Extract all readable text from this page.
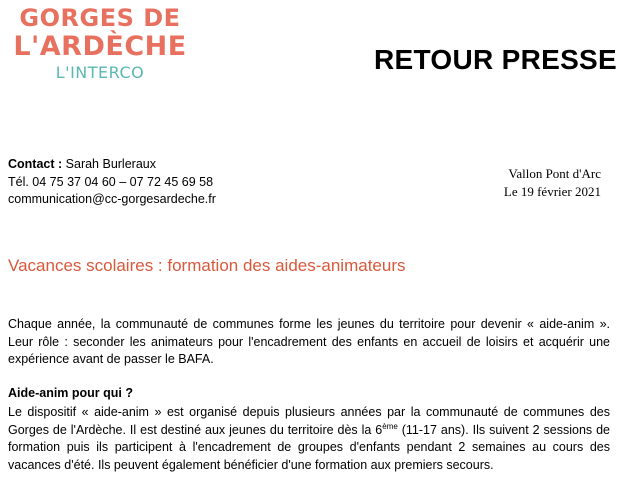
GORGES DE
L'ARDÈCHE
L'INTERCO	RETOUR PRESSE
Contact : Sarah Burleraux
Tél. 04 75 37 04 60 – 07 72 45 69 58
communication@cc-gorgesardeche.fr
Vallon Pont d'Arc
Le 19 février 2021
Vacances scolaires : formation des aides-animateurs

Chaque année, la communauté de communes forme les jeunes du territoire pour devenir « aide-anim ». Leur rôle : seconder les animateurs pour l'encadrement des enfants en accueil de loisirs et acquérir une expérience avant de passer le BAFA.

Aide-anim pour qui ?

Le dispositif « aide-anim » est organisé depuis plusieurs années par la communauté de communes des Gorges de l'Ardèche. Il est destiné aux jeunes du territoire dès la 6ème (11-17 ans). Ils suivent 2 sessions de formation puis ils participent à l'encadrement de groupes d'enfants pendant 2 semaines au cours des vacances d'été. Ils peuvent également bénéficier d'une formation aux premiers secours.
